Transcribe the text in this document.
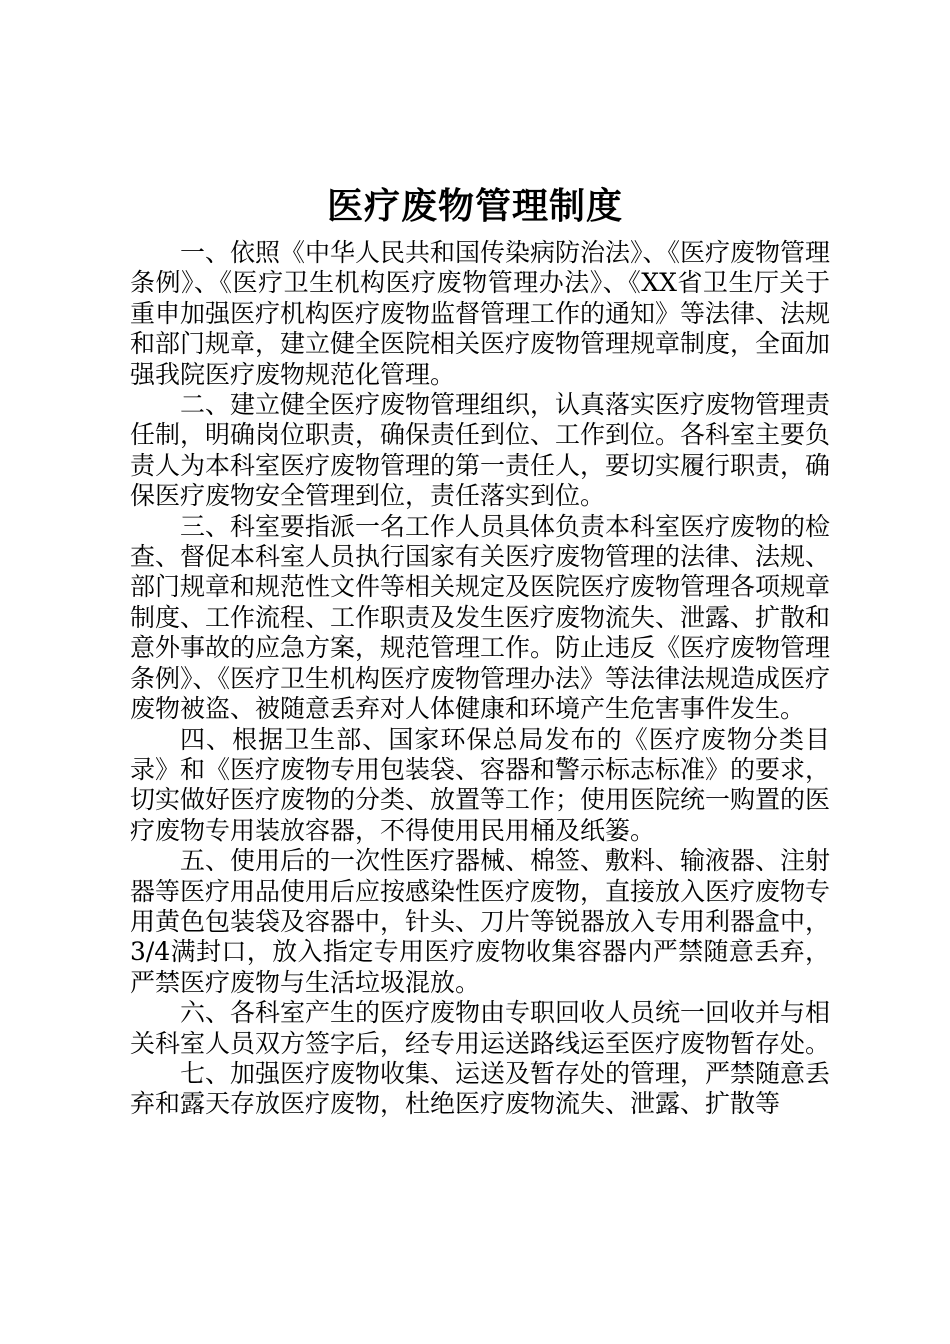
医疗废物管理制度

一、依照《中华人民共和国传染病防治法》、《医疗废物管理条例》、《医疗卫生机构医疗废物管理办法》、《XX省卫生厅关于重申加强医疗机构医疗废物监督管理工作的通知》等法律、法规和部门规章，建立健全医院相关医疗废物管理规章制度，全面加强我院医疗废物规范化管理。

二、建立健全医疗废物管理组织，认真落实医疗废物管理责任制，明确岗位职责，确保责任到位、工作到位。各科室主要负责人为本科室医疗废物管理的第一责任人，要切实履行职责，确保医疗废物安全管理到位，责任落实到位。

三、科室要指派一名工作人员具体负责本科室医疗废物的检查、督促本科室人员执行国家有关医疗废物管理的法律、法规、部门规章和规范性文件等相关规定及医院医疗废物管理各项规章制度、工作流程、工作职责及发生医疗废物流失、泄露、扩散和意外事故的应急方案，规范管理工作。防止违反《医疗废物管理条例》、《医疗卫生机构医疗废物管理办法》等法律法规造成医疗废物被盗、被随意丢弃对人体健康和环境产生危害事件发生。

四、根据卫生部、国家环保总局发布的《医疗废物分类目录》和《医疗废物专用包装袋、容器和警示标志标准》的要求，切实做好医疗废物的分类、放置等工作；使用医院统一购置的医疗废物专用装放容器，不得使用民用桶及纸篓。

五、使用后的一次性医疗器械、棉签、敷料、输液器、注射器等医疗用品使用后应按感染性医疗废物，直接放入医疗废物专用黄色包装袋及容器中，针头、刀片等锐器放入专用利器盒中，3/4满封口，放入指定专用医疗废物收集容器内严禁随意丢弃，严禁医疗废物与生活垃圾混放。

六、各科室产生的医疗废物由专职回收人员统一回收并与相关科室人员双方签字后，经专用运送路线运至医疗废物暂存处。

七、加强医疗废物收集、运送及暂存处的管理，严禁随意丢弃和露天存放医疗废物，杜绝医疗废物流失、泄露、扩散等
